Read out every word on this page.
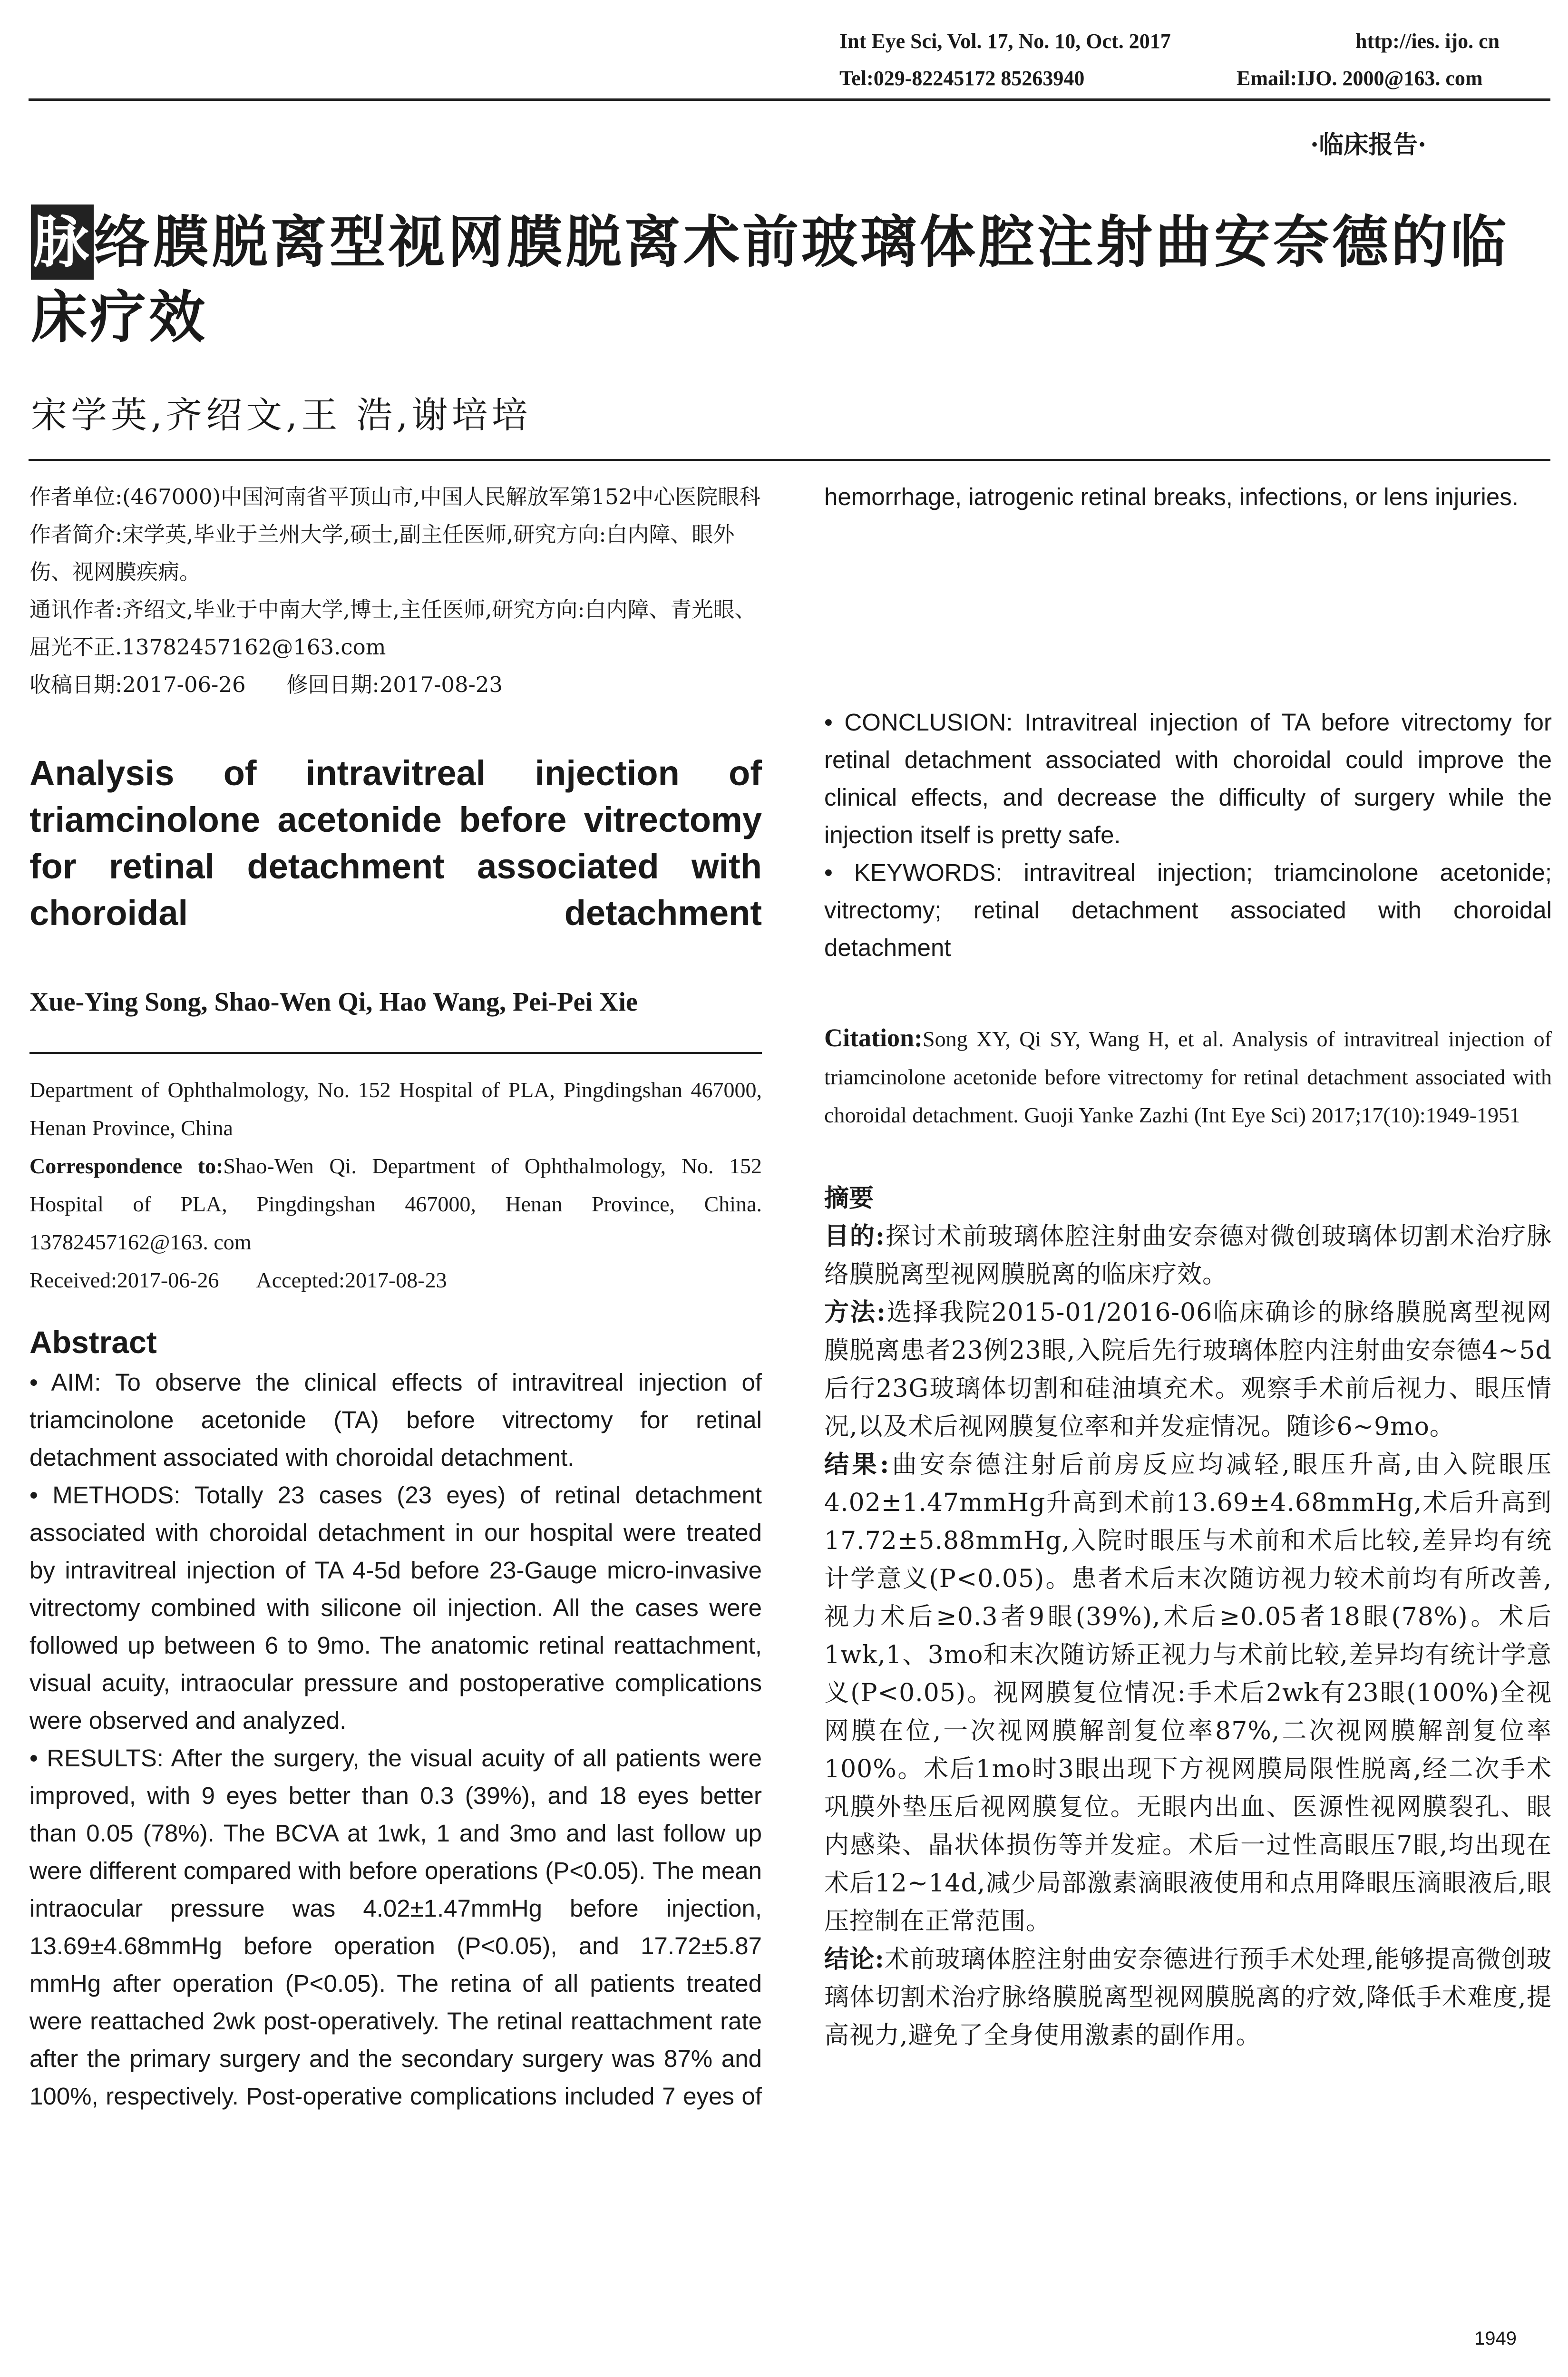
Int Eye Sci, Vol. 17, No. 10, Oct. 2017	http://ies. ijo. cn
Tel:029-82245172 85263940	Email:IJO. 2000@163. com
·临床报告·
脉络膜脱离型视网膜脱离术前玻璃体腔注射曲安奈德的临床疗效
宋学英,齐绍文,王 浩,谢培培
作者单位:(467000)中国河南省平顶山市,中国人民解放军第152中心医院眼科
作者简介:宋学英,毕业于兰州大学,硕士,副主任医师,研究方向:白内障、眼外伤、视网膜疾病。
通讯作者:齐绍文,毕业于中南大学,博士,主任医师,研究方向:白内障、青光眼、屈光不正.13782457162@163.com
收稿日期:2017-06-26      修回日期:2017-08-23
Analysis of intravitreal injection of triamcinolone acetonide before vitrectomy for retinal detachment associated with choroidal detachment
Xue-Ying Song, Shao-Wen Qi, Hao Wang, Pei-Pei Xie
Department of Ophthalmology, No. 152 Hospital of PLA, Pingdingshan 467000, Henan Province, China
Correspondence to:Shao-Wen Qi. Department of Ophthalmology, No. 152 Hospital of PLA, Pingdingshan 467000, Henan Province, China. 13782457162@163. com
Received:2017-06-26       Accepted:2017-08-23
Abstract
• AIM: To observe the clinical effects of intravitreal injection of triamcinolone acetonide (TA) before vitrectomy for retinal detachment associated with choroidal detachment.
• METHODS: Totally 23 cases (23 eyes) of retinal detachment associated with choroidal detachment in our hospital were treated by intravitreal injection of TA 4-5d before 23-Gauge micro-invasive vitrectomy combined with silicone oil injection. All the cases were followed up between 6 to 9mo. The anatomic retinal reattachment, visual acuity, intraocular pressure and postoperative complications were observed and analyzed.
• RESULTS: After the surgery, the visual acuity of all patients were improved, with 9 eyes better than 0.3 (39%), and 18 eyes better than 0.05 (78%). The BCVA at 1wk, 1 and 3mo and last follow up were different compared with before operations (P<0.05). The mean intraocular pressure was 4.02±1.47mmHg before injection, 13.69±4.68mmHg before operation (P<0.05), and 17.72±5.87 mmHg after operation (P<0.05). The retina of all patients treated were reattached 2wk post-operatively. The retinal reattachment rate after the primary surgery and the secondary surgery was 87% and 100%, respectively. Post-operative complications included 7 eyes of
hemorrhage, iatrogenic retinal breaks, infections, or lens injuries.
• CONCLUSION: Intravitreal injection of TA before vitrectomy for retinal detachment associated with choroidal could improve the clinical effects, and decrease the difficulty of surgery while the injection itself is pretty safe.
• KEYWORDS: intravitreal injection; triamcinolone acetonide; vitrectomy; retinal detachment associated with choroidal detachment
Citation:Song XY, Qi SY, Wang H, et al. Analysis of intravitreal injection of triamcinolone acetonide before vitrectomy for retinal detachment associated with choroidal detachment. Guoji Yanke Zazhi (Int Eye Sci) 2017;17(10):1949-1951
摘要
目的:探讨术前玻璃体腔注射曲安奈德对微创玻璃体切割术治疗脉络膜脱离型视网膜脱离的临床疗效。
方法:选择我院2015-01/2016-06临床确诊的脉络膜脱离型视网膜脱离患者23例23眼,入院后先行玻璃体腔内注射曲安奈德4~5d后行23G玻璃体切割和硅油填充术。观察手术前后视力、眼压情况,以及术后视网膜复位率和并发症情况。随诊6~9mo。
结果:曲安奈德注射后前房反应均减轻,眼压升高,由入院眼压4.02±1.47mmHg升高到术前13.69±4.68mmHg,术后升高到17.72±5.88mmHg,入院时眼压与术前和术后比较,差异均有统计学意义(P<0.05)。患者术后末次随访视力较术前均有所改善,视力术后≥0.3者9眼(39%),术后≥0.05者18眼(78%)。术后1wk,1、3mo和末次随访矫正视力与术前比较,差异均有统计学意义(P<0.05)。视网膜复位情况:手术后2wk有23眼(100%)全视网膜在位,一次视网膜解剖复位率87%,二次视网膜解剖复位率100%。术后1mo时3眼出现下方视网膜局限性脱离,经二次手术巩膜外垫压后视网膜复位。无眼内出血、医源性视网膜裂孔、眼内感染、晶状体损伤等并发症。术后一过性高眼压7眼,均出现在术后12~14d,减少局部激素滴眼液使用和点用降眼压滴眼液后,眼压控制在正常范围。
结论:术前玻璃体腔注射曲安奈德进行预手术处理,能够提高微创玻璃体切割术治疗脉络膜脱离型视网膜脱离的疗效,降低手术难度,提高视力,避免了全身使用激素的副作用。
1949
